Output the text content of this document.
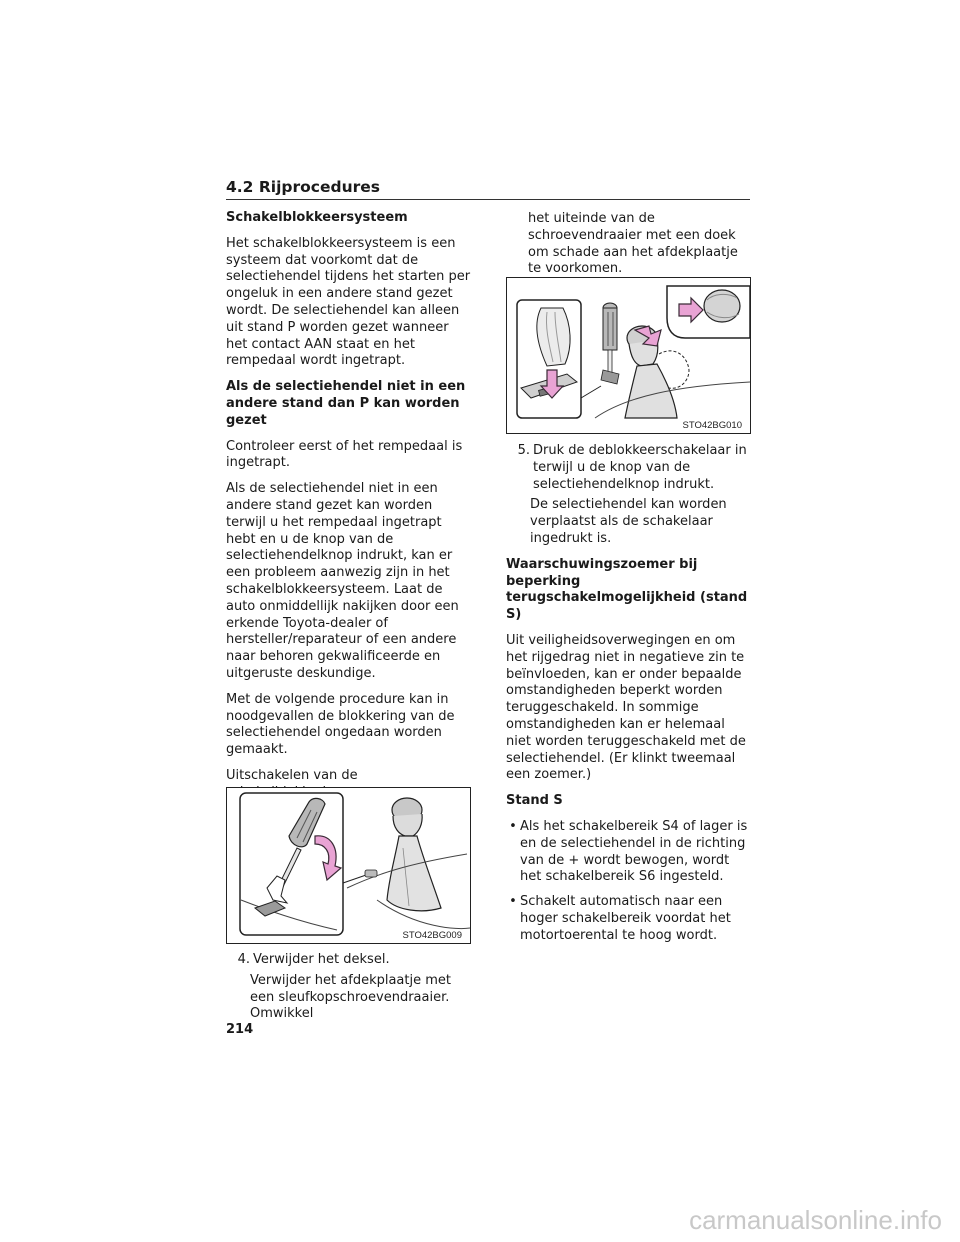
4.2 Rijprocedures
Schakelblokkeersysteem

Het schakelblokkeersysteem is een systeem dat voorkomt dat de selectiehendel tijdens het starten per ongeluk in een andere stand gezet wordt. De selectiehendel kan alleen uit stand P worden gezet wanneer het contact AAN staat en het rempedaal wordt ingetrapt.

Als de selectiehendel niet in een andere stand dan P kan worden gezet

Controleer eerst of het rempedaal is ingetrapt.

Als de selectiehendel niet in een andere stand gezet kan worden terwijl u het rempedaal ingetrapt hebt en u de knop van de selectiehendelknop indrukt, kan er een probleem aanwezig zijn in het schakelblokkeersysteem. Laat de auto onmiddellijk nakijken door een erkende Toyota-dealer of hersteller/reparateur of een andere naar behoren gekwalificeerde en uitgeruste deskundige.

Met de volgende procedure kan in noodgevallen de blokkering van de selectiehendel ongedaan worden gemaakt.

Uitschakelen van de

STO42BG009
4. Verwijder het deksel.
Verwijder het afdekplaatje met een sleufkopschroevendraaier. Omwikkel
het uiteinde van de schroevendraaier met een doek om schade aan het afdekplaatje te voorkomen.
STO42BG010
5. Druk de deblokkeerschakelaar in terwijl u de knop van de selectiehendelknop indrukt.
De selectiehendel kan worden verplaatst als de schakelaar ingedrukt is.
Waarschuwingszoemer bij beperking terugschakelmogelijkheid (stand S)

Uit veiligheidsoverwegingen en om het rijgedrag niet in negatieve zin te beïnvloeden, kan er onder bepaalde omstandigheden beperkt worden teruggeschakeld. In sommige omstandigheden kan er helemaal niet worden teruggeschakeld met de selectiehendel. (Er klinkt tweemaal een zoemer.)

Stand S
• Als het schakelbereik S4 of lager is en de selectiehendel in de richting van de + wordt bewogen, wordt het schakelbereik S6 ingesteld.
• Schakelt automatisch naar een hoger schakelbereik voordat het motortoerental te hoog wordt.
214
carmanualsonline.info
